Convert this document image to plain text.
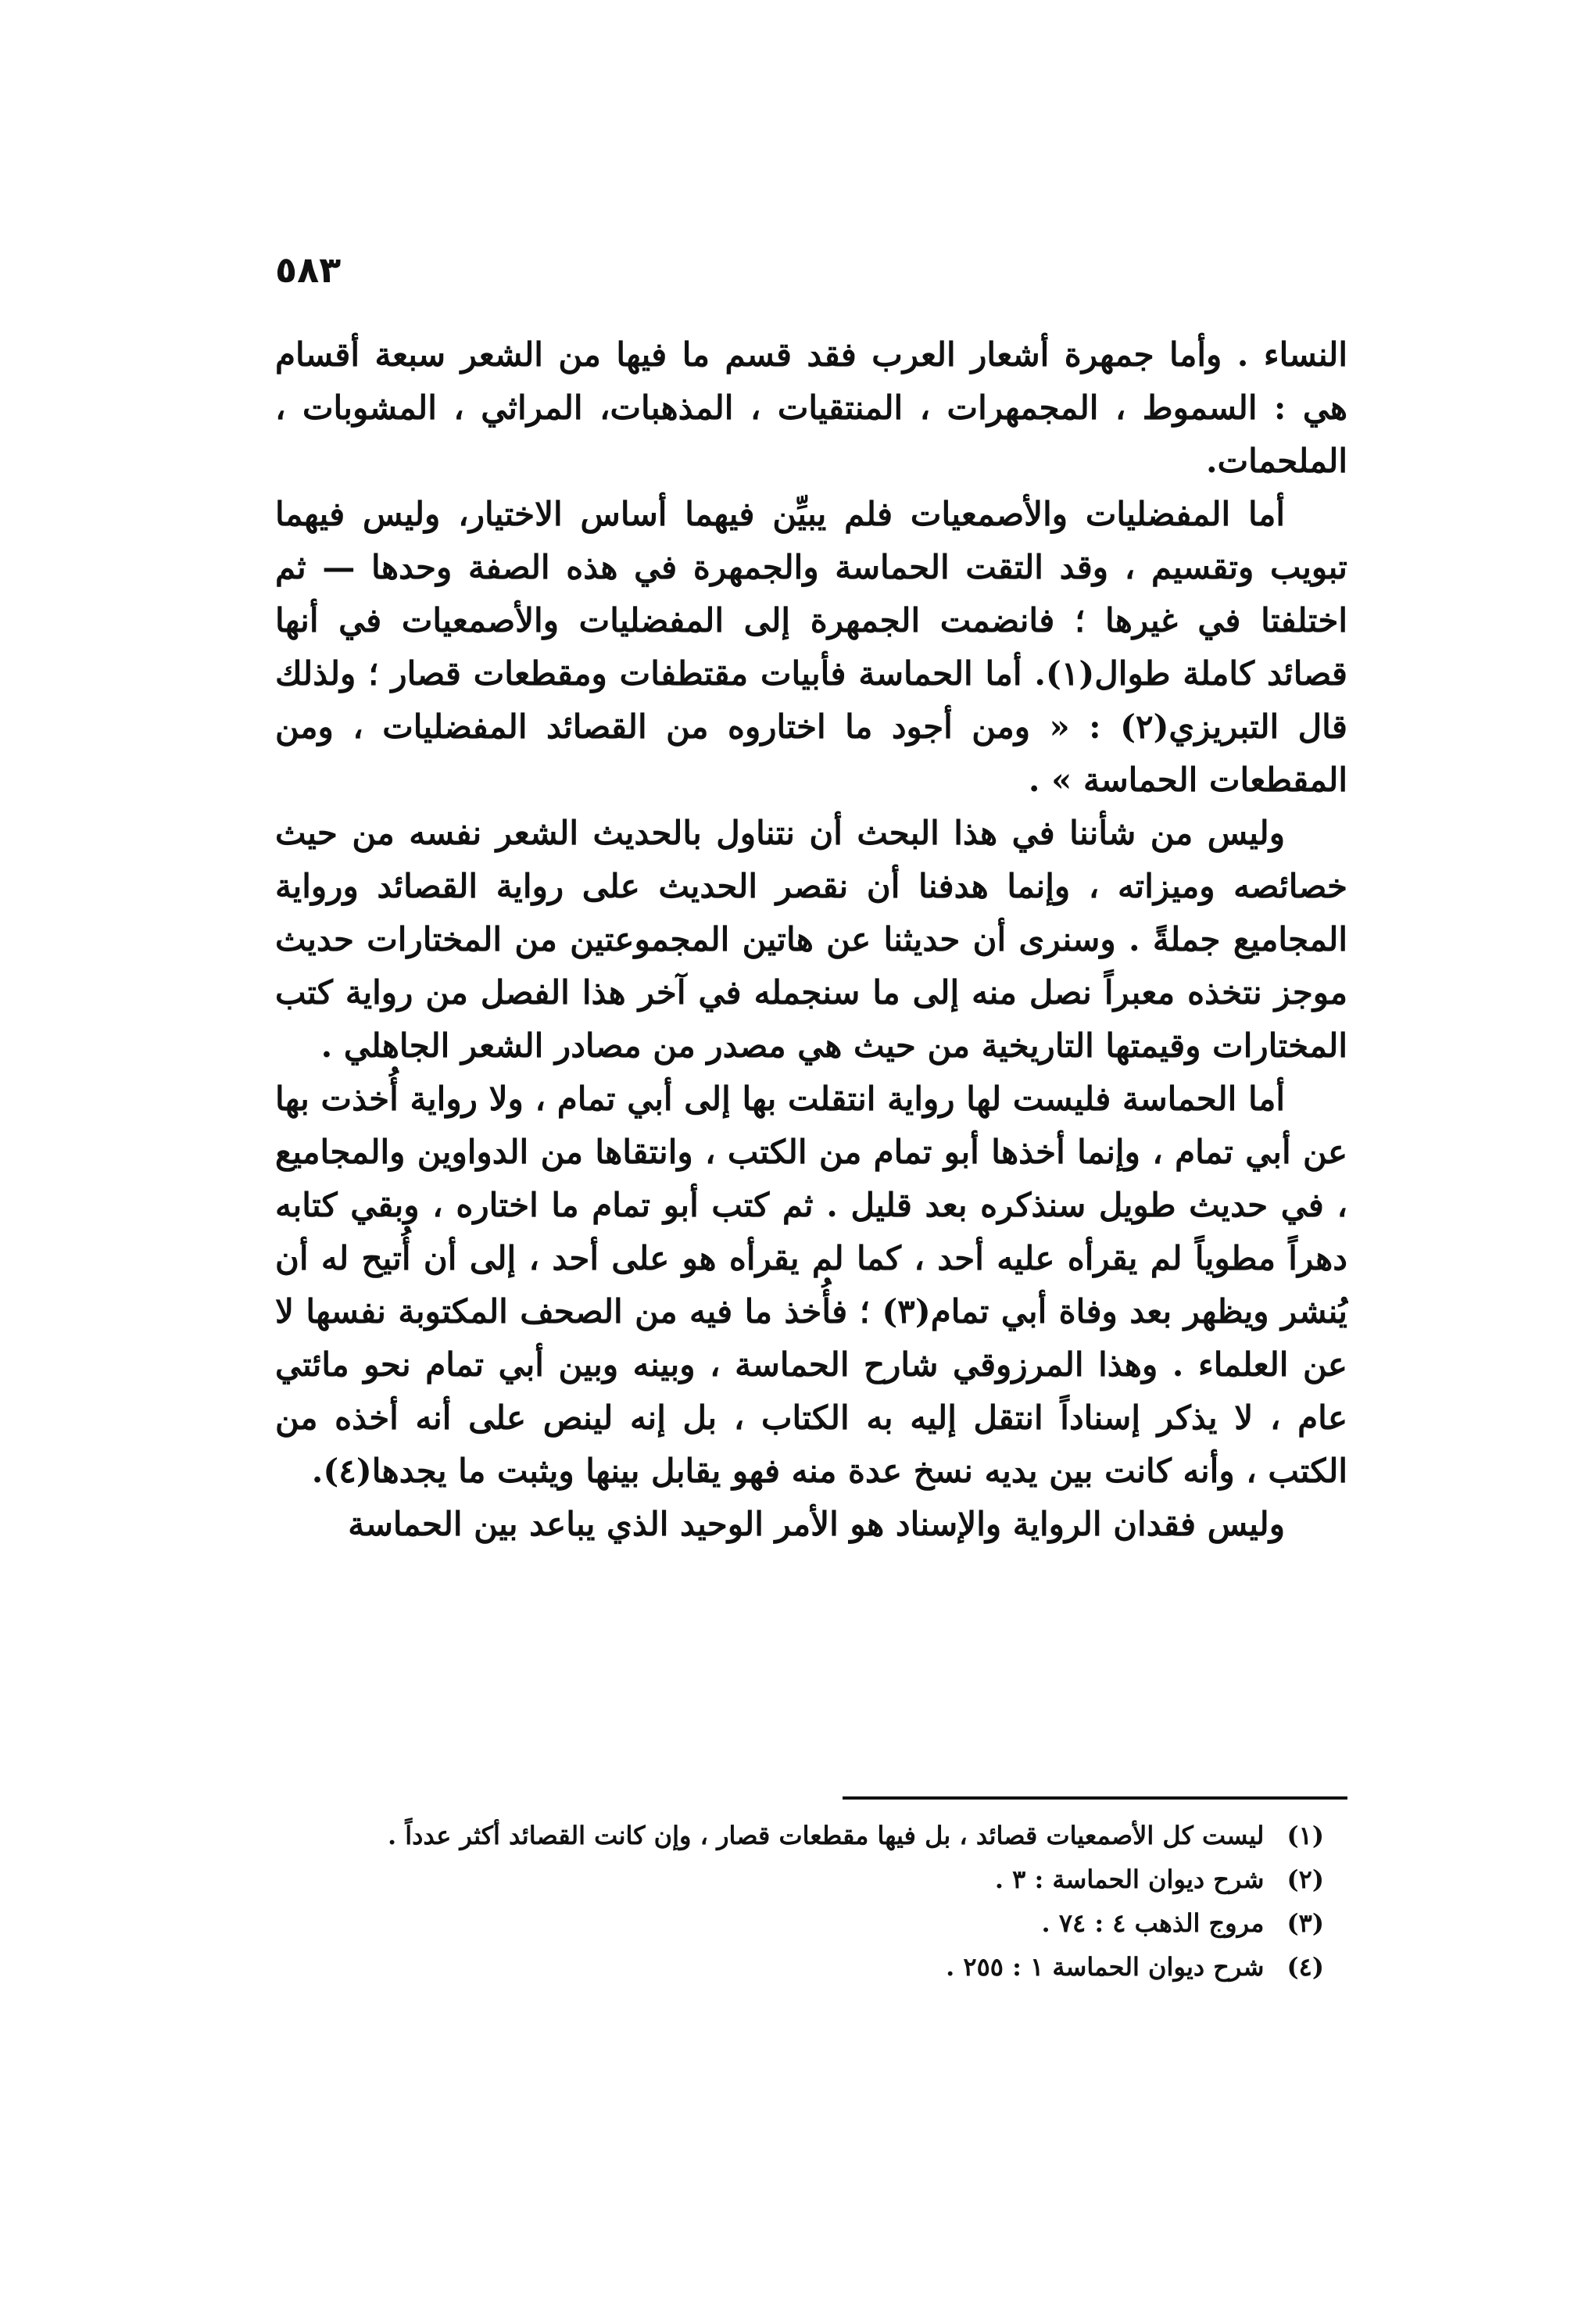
٥٨٣

النساء . وأما جمهرة أشعار العرب فقد قسم ما فيها من الشعر سبعة أقسام هي : السموط ، المجمهرات ، المنتقيات ، المذهبات، المراثي ، المشوبات ، الملحمات.

أما المفضليات والأصمعيات فلم يبيِّن فيهما أساس الاختيار، وليس فيهما تبويب وتقسيم ، وقد التقت الحماسة والجمهرة في هذه الصفة وحدها — ثم اختلفتا في غيرها ؛ فانضمت الجمهرة إلى المفضليات والأصمعيات في أنها قصائد كاملة طوال(١). أما الحماسة فأبيات مقتطفات ومقطعات قصار ؛ ولذلك قال التبريزي(٢) : « ومن أجود ما اختاروه من القصائد المفضليات ، ومن المقطعات الحماسة » .

وليس من شأننا في هذا البحث أن نتناول بالحديث الشعر نفسه من حيث خصائصه وميزاته ، وإنما هدفنا أن نقصر الحديث على رواية القصائد ورواية المجاميع جملةً . وسنرى أن حديثنا عن هاتين المجموعتين من المختارات حديث موجز نتخذه معبراً نصل منه إلى ما سنجمله في آخر هذا الفصل من رواية كتب المختارات وقيمتها التاريخية من حيث هي مصدر من مصادر الشعر الجاهلي .

أما الحماسة فليست لها رواية انتقلت بها إلى أبي تمام ، ولا رواية أُخذت بها عن أبي تمام ، وإنما أخذها أبو تمام من الكتب ، وانتقاها من الدواوين والمجاميع ، في حديث طويل سنذكره بعد قليل . ثم كتب أبو تمام ما اختاره ، وبقي كتابه دهراً مطوياً لم يقرأه عليه أحد ، كما لم يقرأه هو على أحد ، إلى أن أُتيح له أن يُنشر ويظهر بعد وفاة أبي تمام(٣) ؛ فأُخذ ما فيه من الصحف المكتوبة نفسها لا عن العلماء . وهذا المرزوقي شارح الحماسة ، وبينه وبين أبي تمام نحو مائتي عام ، لا يذكر إسناداً انتقل إليه به الكتاب ، بل إنه لينص على أنه أخذه من الكتب ، وأنه كانت بين يديه نسخ عدة منه فهو يقابل بينها ويثبت ما يجدها(٤).

وليس فقدان الرواية والإسناد هو الأمر الوحيد الذي يباعد بين الحماسة

(١) ليست كل الأصمعيات قصائد ، بل فيها مقطعات قصار ، وإن كانت القصائد أكثر عدداً .

(٢) شرح ديوان الحماسة : ٣ .

(٣) مروج الذهب ٤ : ٧٤ .

(٤) شرح ديوان الحماسة ١ : ٢٥٥ .
